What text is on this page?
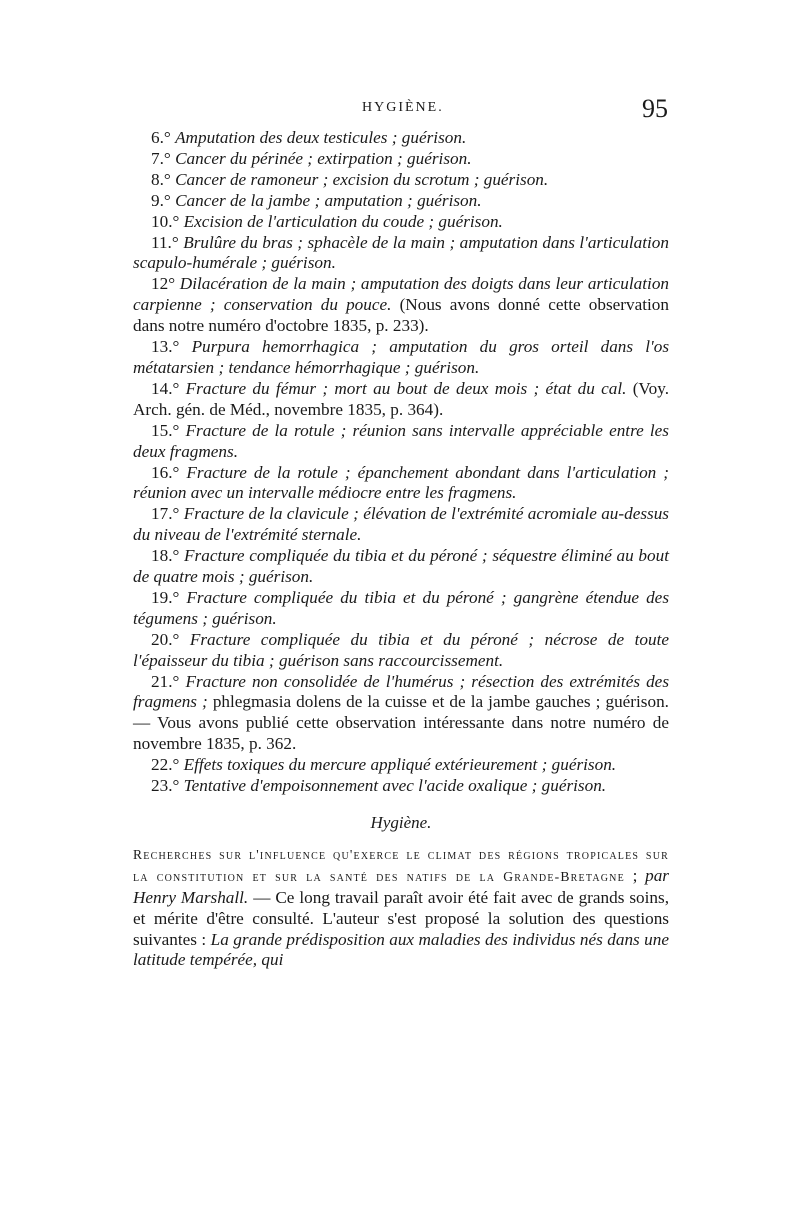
HYGIÈNE.	95

6.° Amputation des deux testicules ; guérison.

7.° Cancer du périnée ; extirpation ; guérison.

8.° Cancer de ramoneur ; excision du scrotum ; guérison.

9.° Cancer de la jambe ; amputation ; guérison.

10.° Excision de l'articulation du coude ; guérison.

11.° Brulûre du bras ; sphacèle de la main ; amputation dans l'articulation scapulo-humérale ; guérison.

12° Dilacération de la main ; amputation des doigts dans leur articulation carpienne ; conservation du pouce. (Nous avons donné cette observation dans notre numéro d'octobre 1835, p. 233).

13.° Purpura hemorrhagica ; amputation du gros orteil dans l'os métatarsien ; tendance hémorrhagique ; guérison.

14.° Fracture du fémur ; mort au bout de deux mois ; état du cal. (Voy. Arch. gén. de Méd., novembre 1835, p. 364).

15.° Fracture de la rotule ; réunion sans intervalle appréciable entre les deux fragmens.

16.° Fracture de la rotule ; épanchement abondant dans l'articulation ; réunion avec un intervalle médiocre entre les fragmens.

17.° Fracture de la clavicule ; élévation de l'extrémité acromiale au-dessus du niveau de l'extrémité sternale.

18.° Fracture compliquée du tibia et du péroné ; séquestre éliminé au bout de quatre mois ; guérison.

19.° Fracture compliquée du tibia et du péroné ; gangrène étendue des tégumens ; guérison.

20.° Fracture compliquée du tibia et du péroné ; nécrose de toute l'épaisseur du tibia ; guérison sans raccourcissement.

21.° Fracture non consolidée de l'humérus ; résection des extrémités des fragmens ; phlegmasia dolens de la cuisse et de la jambe gauches ; guérison. — Vous avons publié cette observation intéressante dans notre numéro de novembre 1835, p. 362.

22.° Effets toxiques du mercure appliqué extérieurement ; guérison.

23.° Tentative d'empoisonnement avec l'acide oxalique ; guérison.

Hygiène.

Recherches sur l'influence qu'exerce le climat des régions tropicales sur la constitution et sur la santé des natifs de la Grande-Bretagne ; par Henry Marshall. — Ce long travail paraît avoir été fait avec de grands soins, et mérite d'être consulté. L'auteur s'est proposé la solution des questions suivantes : La grande prédisposition aux maladies des individus nés dans une latitude tempérée, qui
